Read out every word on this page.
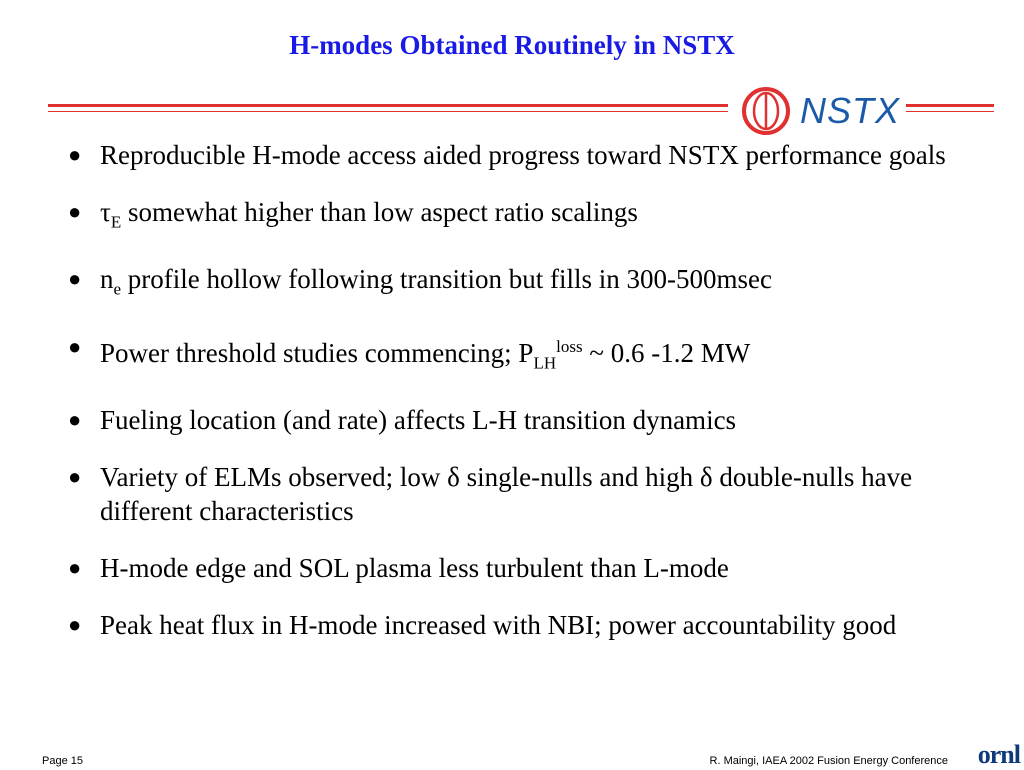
H-modes Obtained Routinely in NSTX
NSTX
● Reproducible H-mode access aided progress toward NSTX performance goals
● $\tau_E$ somewhat higher than low aspect ratio scalings
● $n_e$ profile hollow following transition but fills in 300-500msec
● Power threshold studies commencing; $P_{LH}^{loss}$ ~ 0.6 -1.2 MW
● Fueling location (and rate) affects L-H transition dynamics
● Variety of ELMs observed; low δ single-nulls and high δ double-nulls have different characteristics
● H-mode edge and SOL plasma less turbulent than L-mode
● Peak heat flux in H-mode increased with NBI; power accountability good
Page 15	R. Maingi, IAEA 2002 Fusion Energy Conference ornl
